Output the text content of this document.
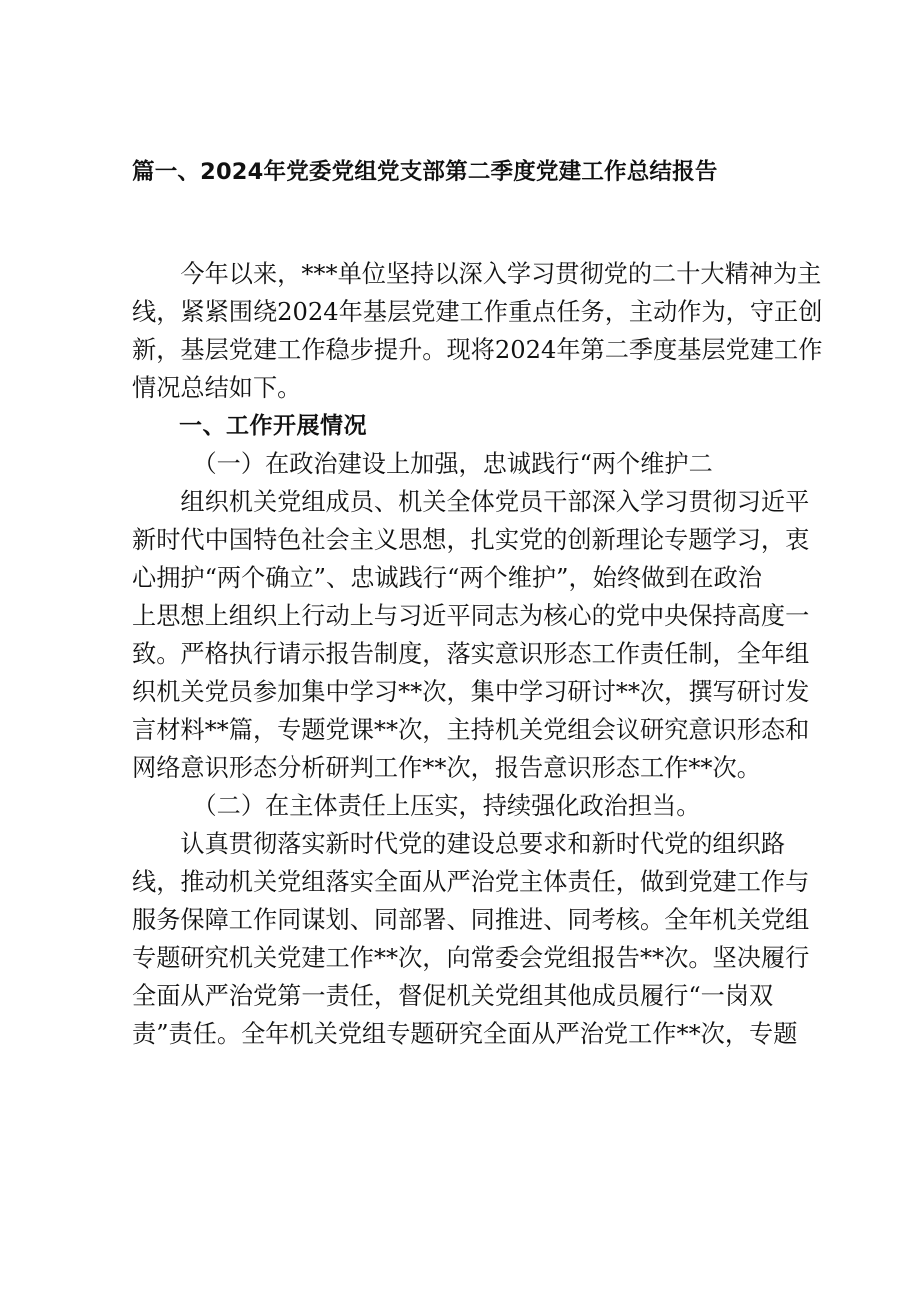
篇一、2024年党委党组党支部第二季度党建工作总结报告
　　今年以来，***单位坚持以深入学习贯彻党的二十大精神为主
线，紧紧围绕2024年基层党建工作重点任务，主动作为，守正创
新，基层党建工作稳步提升。现将2024年第二季度基层党建工作
情况总结如下。
　　一、工作开展情况
　　　（一）在政治建设上加强，忠诚践行“两个维护二
　　组织机关党组成员、机关全体党员干部深入学习贯彻习近平
新时代中国特色社会主义思想，扎实党的创新理论专题学习，衷
心拥护“两个确立”、忠诚践行“两个维护”，始终做到在政治
上思想上组织上行动上与习近平同志为核心的党中央保持高度一
致。严格执行请示报告制度，落实意识形态工作责任制，全年组
织机关党员参加集中学习**次，集中学习研讨**次，撰写研讨发
言材料**篇，专题党课**次，主持机关党组会议研究意识形态和
网络意识形态分析研判工作**次，报告意识形态工作**次。
　　　（二）在主体责任上压实，持续强化政治担当。
　　认真贯彻落实新时代党的建设总要求和新时代党的组织路
线，推动机关党组落实全面从严治党主体责任，做到党建工作与
服务保障工作同谋划、同部署、同推进、同考核。全年机关党组
专题研究机关党建工作**次，向常委会党组报告**次。坚决履行
全面从严治党第一责任，督促机关党组其他成员履行“一岗双
责”责任。全年机关党组专题研究全面从严治党工作**次，专题
